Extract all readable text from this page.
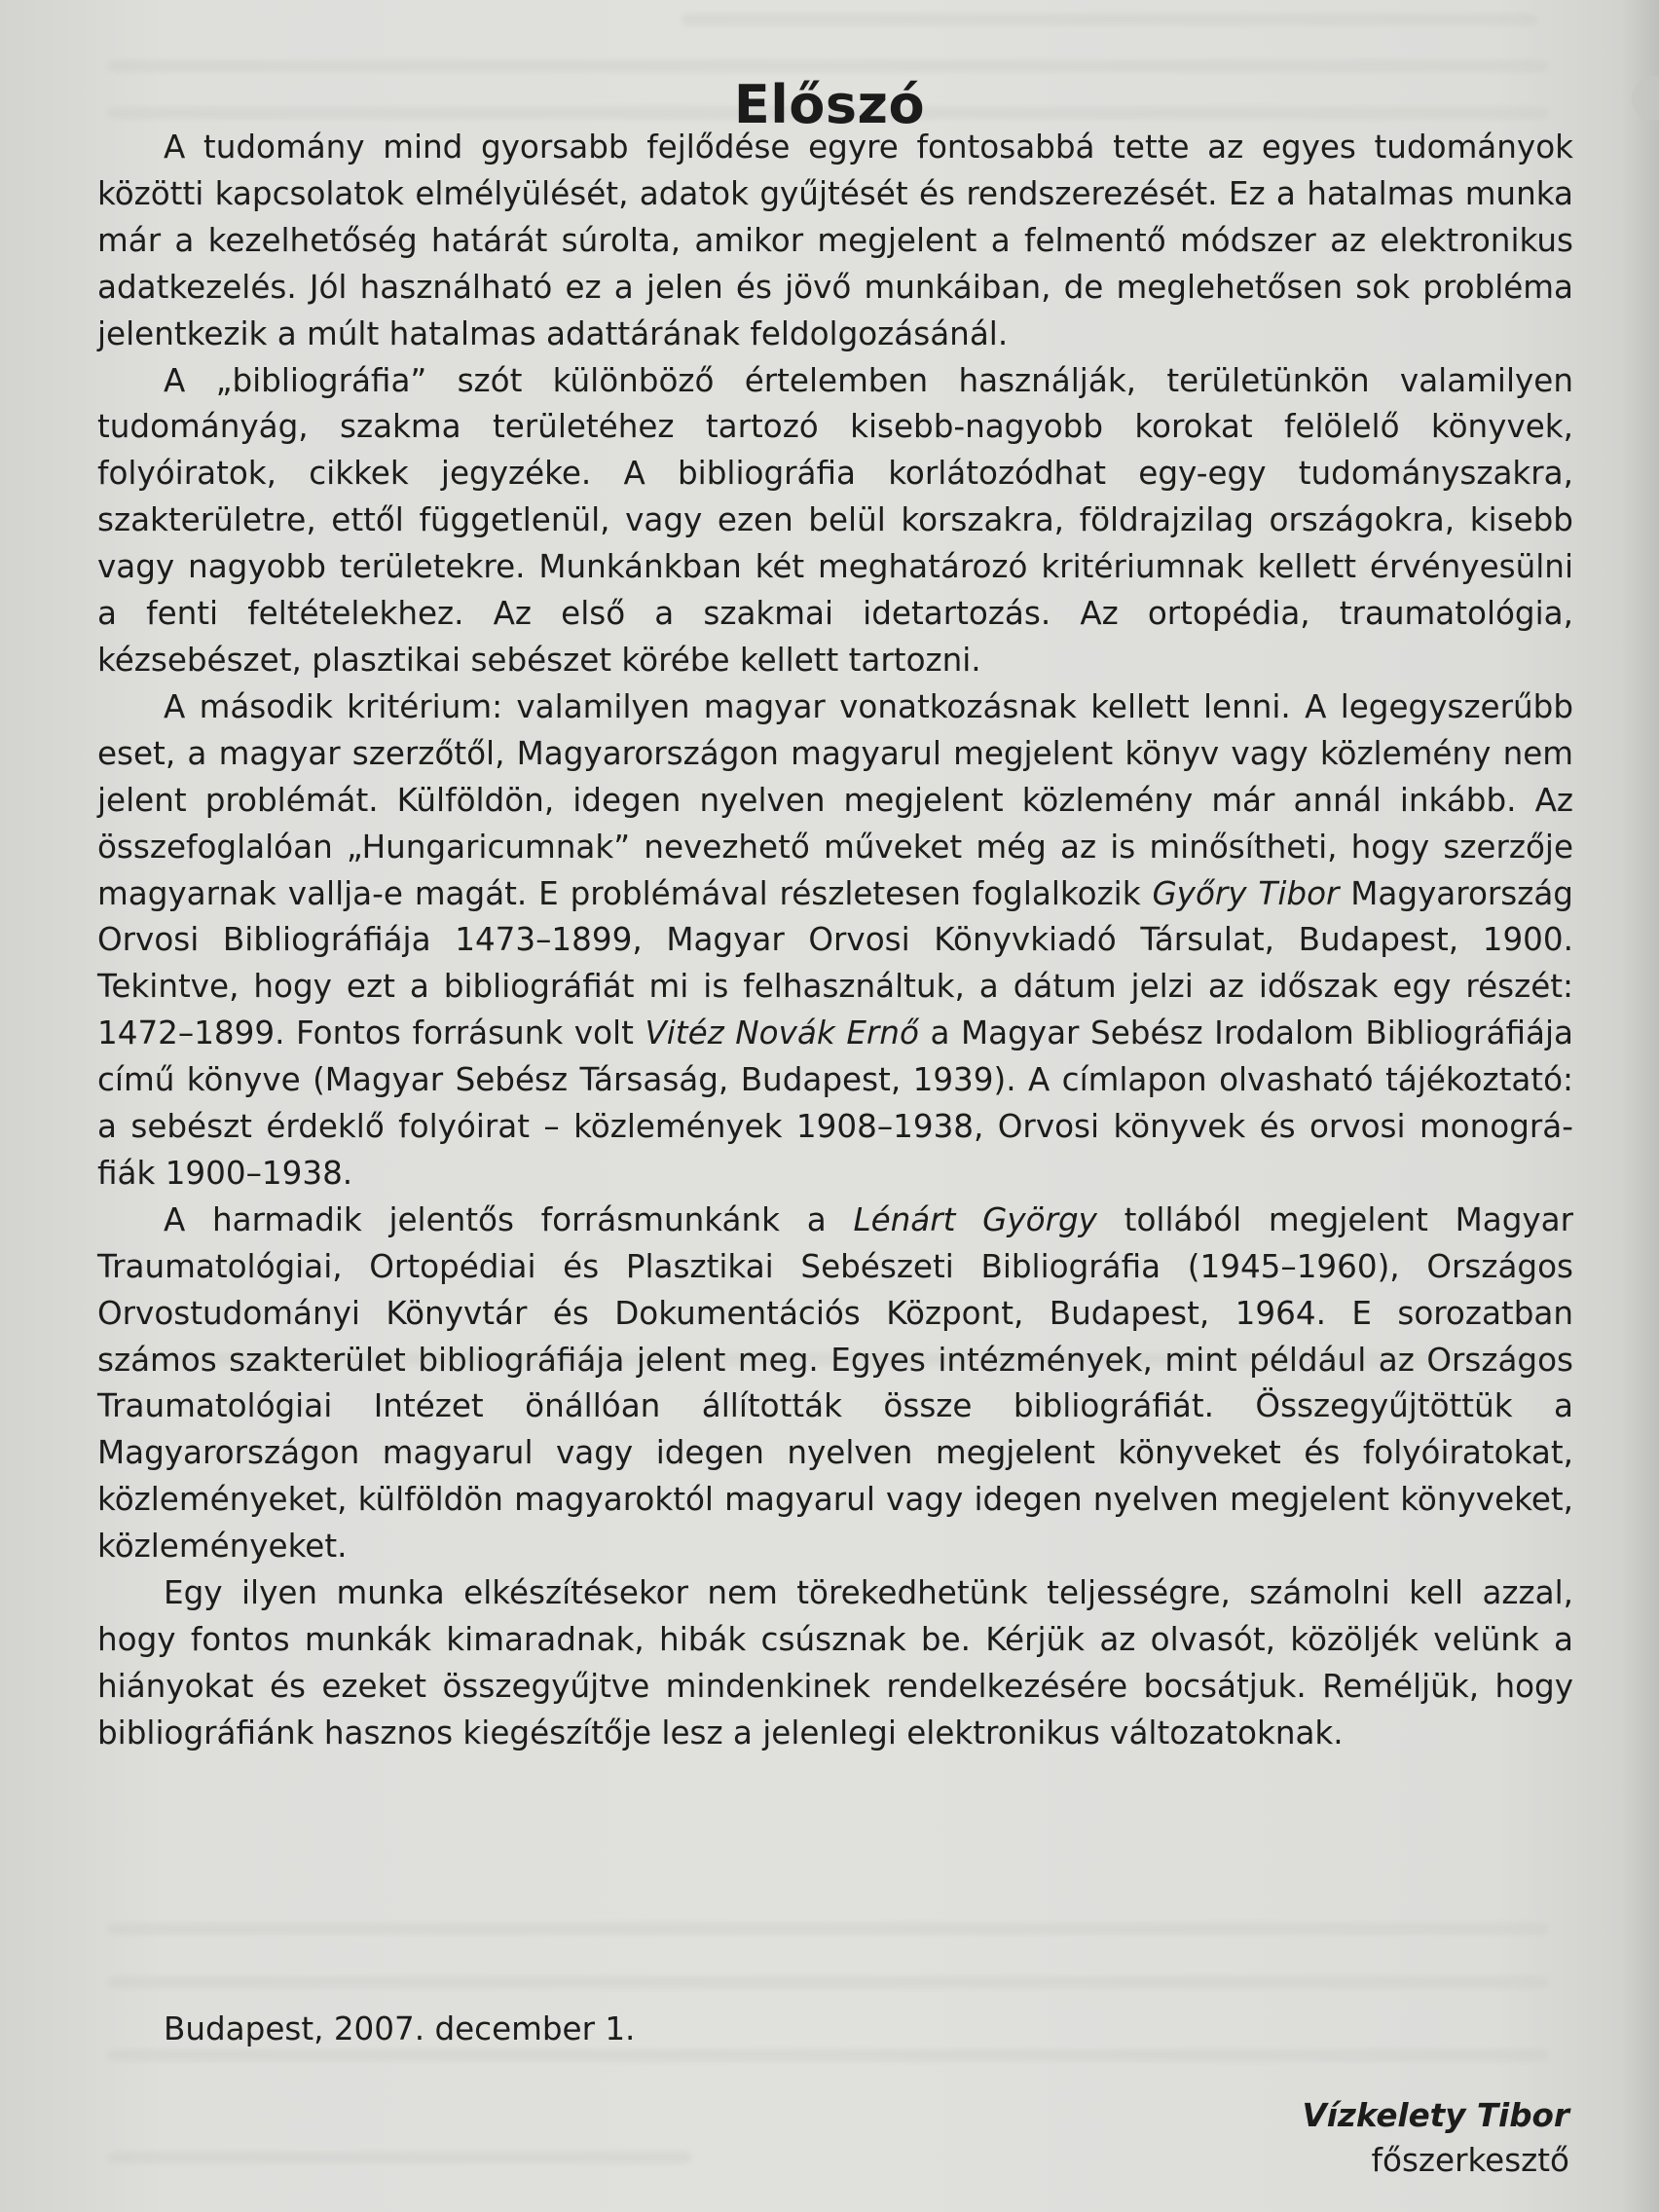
Előszó

A tudomány mind gyorsabb fejlődése egyre fontosabbá tette az egyes tudományok közötti kapcsolatok elmélyülését, adatok gyűjtését és rendszerezését. Ez a hatalmas munka már a kezelhetőség határát súrolta, amikor megjelent a felmentő módszer az elektronikus adatkezelés. Jól használható ez a jelen és jövő munkáiban, de meglehetősen sok probléma jelentkezik a múlt hatalmas adattárának feldolgozásánál.

A „bibliográfia” szót különböző értelemben használják, területünkön valamilyen tudományág, szakma területéhez tartozó kisebb-nagyobb korokat felölelő könyvek, folyóiratok, cikkek jegyzéke. A bibliográfia korlátozódhat egy-egy tudományszakra, szakterületre, ettől függetlenül, vagy ezen belül korszakra, földrajzilag országokra, kisebb vagy nagyobb területekre. Munkánkban két meghatározó kritériumnak kellett érvényesülni a fenti feltételekhez. Az első a szakmai idetartozás. Az ortopédia, traumatológia, kézsebészet, plasztikai sebészet körébe kellett tartozni.

A második kritérium: valamilyen magyar vonatkozásnak kellett lenni. A legegyszerűbb eset, a magyar szerzőtől, Magyarországon magyarul megjelent könyv vagy közlemény nem jelent problémát. Külföldön, idegen nyelven megjelent közlemény már annál inkább. Az összefoglalóan „Hungaricumnak” nevezhető műveket még az is minősítheti, hogy szerzője magyarnak vallja-e magát. E problémával részletesen foglalkozik Győry Tibor Magyarország Orvosi Bibliográfiája 1473–1899, Magyar Orvosi Könyvkiadó Társulat, Budapest, 1900. Tekintve, hogy ezt a bibliográfiát mi is felhasználtuk, a dátum jelzi az időszak egy részét: 1472–1899. Fontos forrásunk volt Vitéz Novák Ernő a Magyar Sebész Irodalom Bibliográfiája című könyve (Magyar Sebész Társaság, Budapest, 1939). A címlapon olvasható tájékoztató: a sebészt érdeklő folyóirat – közlemények 1908–1938, Orvosi könyvek és orvosi monográfiák 1900–1938.

A harmadik jelentős forrásmunkánk a Lénárt György tollából megjelent Magyar Traumatológiai, Ortopédiai és Plasztikai Sebészeti Bibliográfia (1945–1960), Országos Orvostudományi Könyvtár és Dokumentációs Központ, Budapest, 1964. E sorozatban számos szakterület bibliográfiája jelent meg. Egyes intézmények, mint például az Országos Traumatológiai Intézet önállóan állították össze bibliográfiát. Összegyűjtöttük a Magyarországon magyarul vagy idegen nyelven megjelent könyveket és folyóiratokat, közleményeket, külföldön magyaroktól magyarul vagy idegen nyelven megjelent könyveket, közleményeket.

Egy ilyen munka elkészítésekor nem törekedhetünk teljességre, számolni kell azzal, hogy fontos munkák kimaradnak, hibák csúsznak be. Kérjük az olvasót, közöljék velünk a hiányokat és ezeket összegyűjtve mindenkinek rendelkezésére bocsátjuk. Reméljük, hogy bibliográfiánk hasznos kiegészítője lesz a jelenlegi elektronikus változatoknak.

Budapest, 2007. december 1.
Vízkelety Tibor
főszerkesztő
